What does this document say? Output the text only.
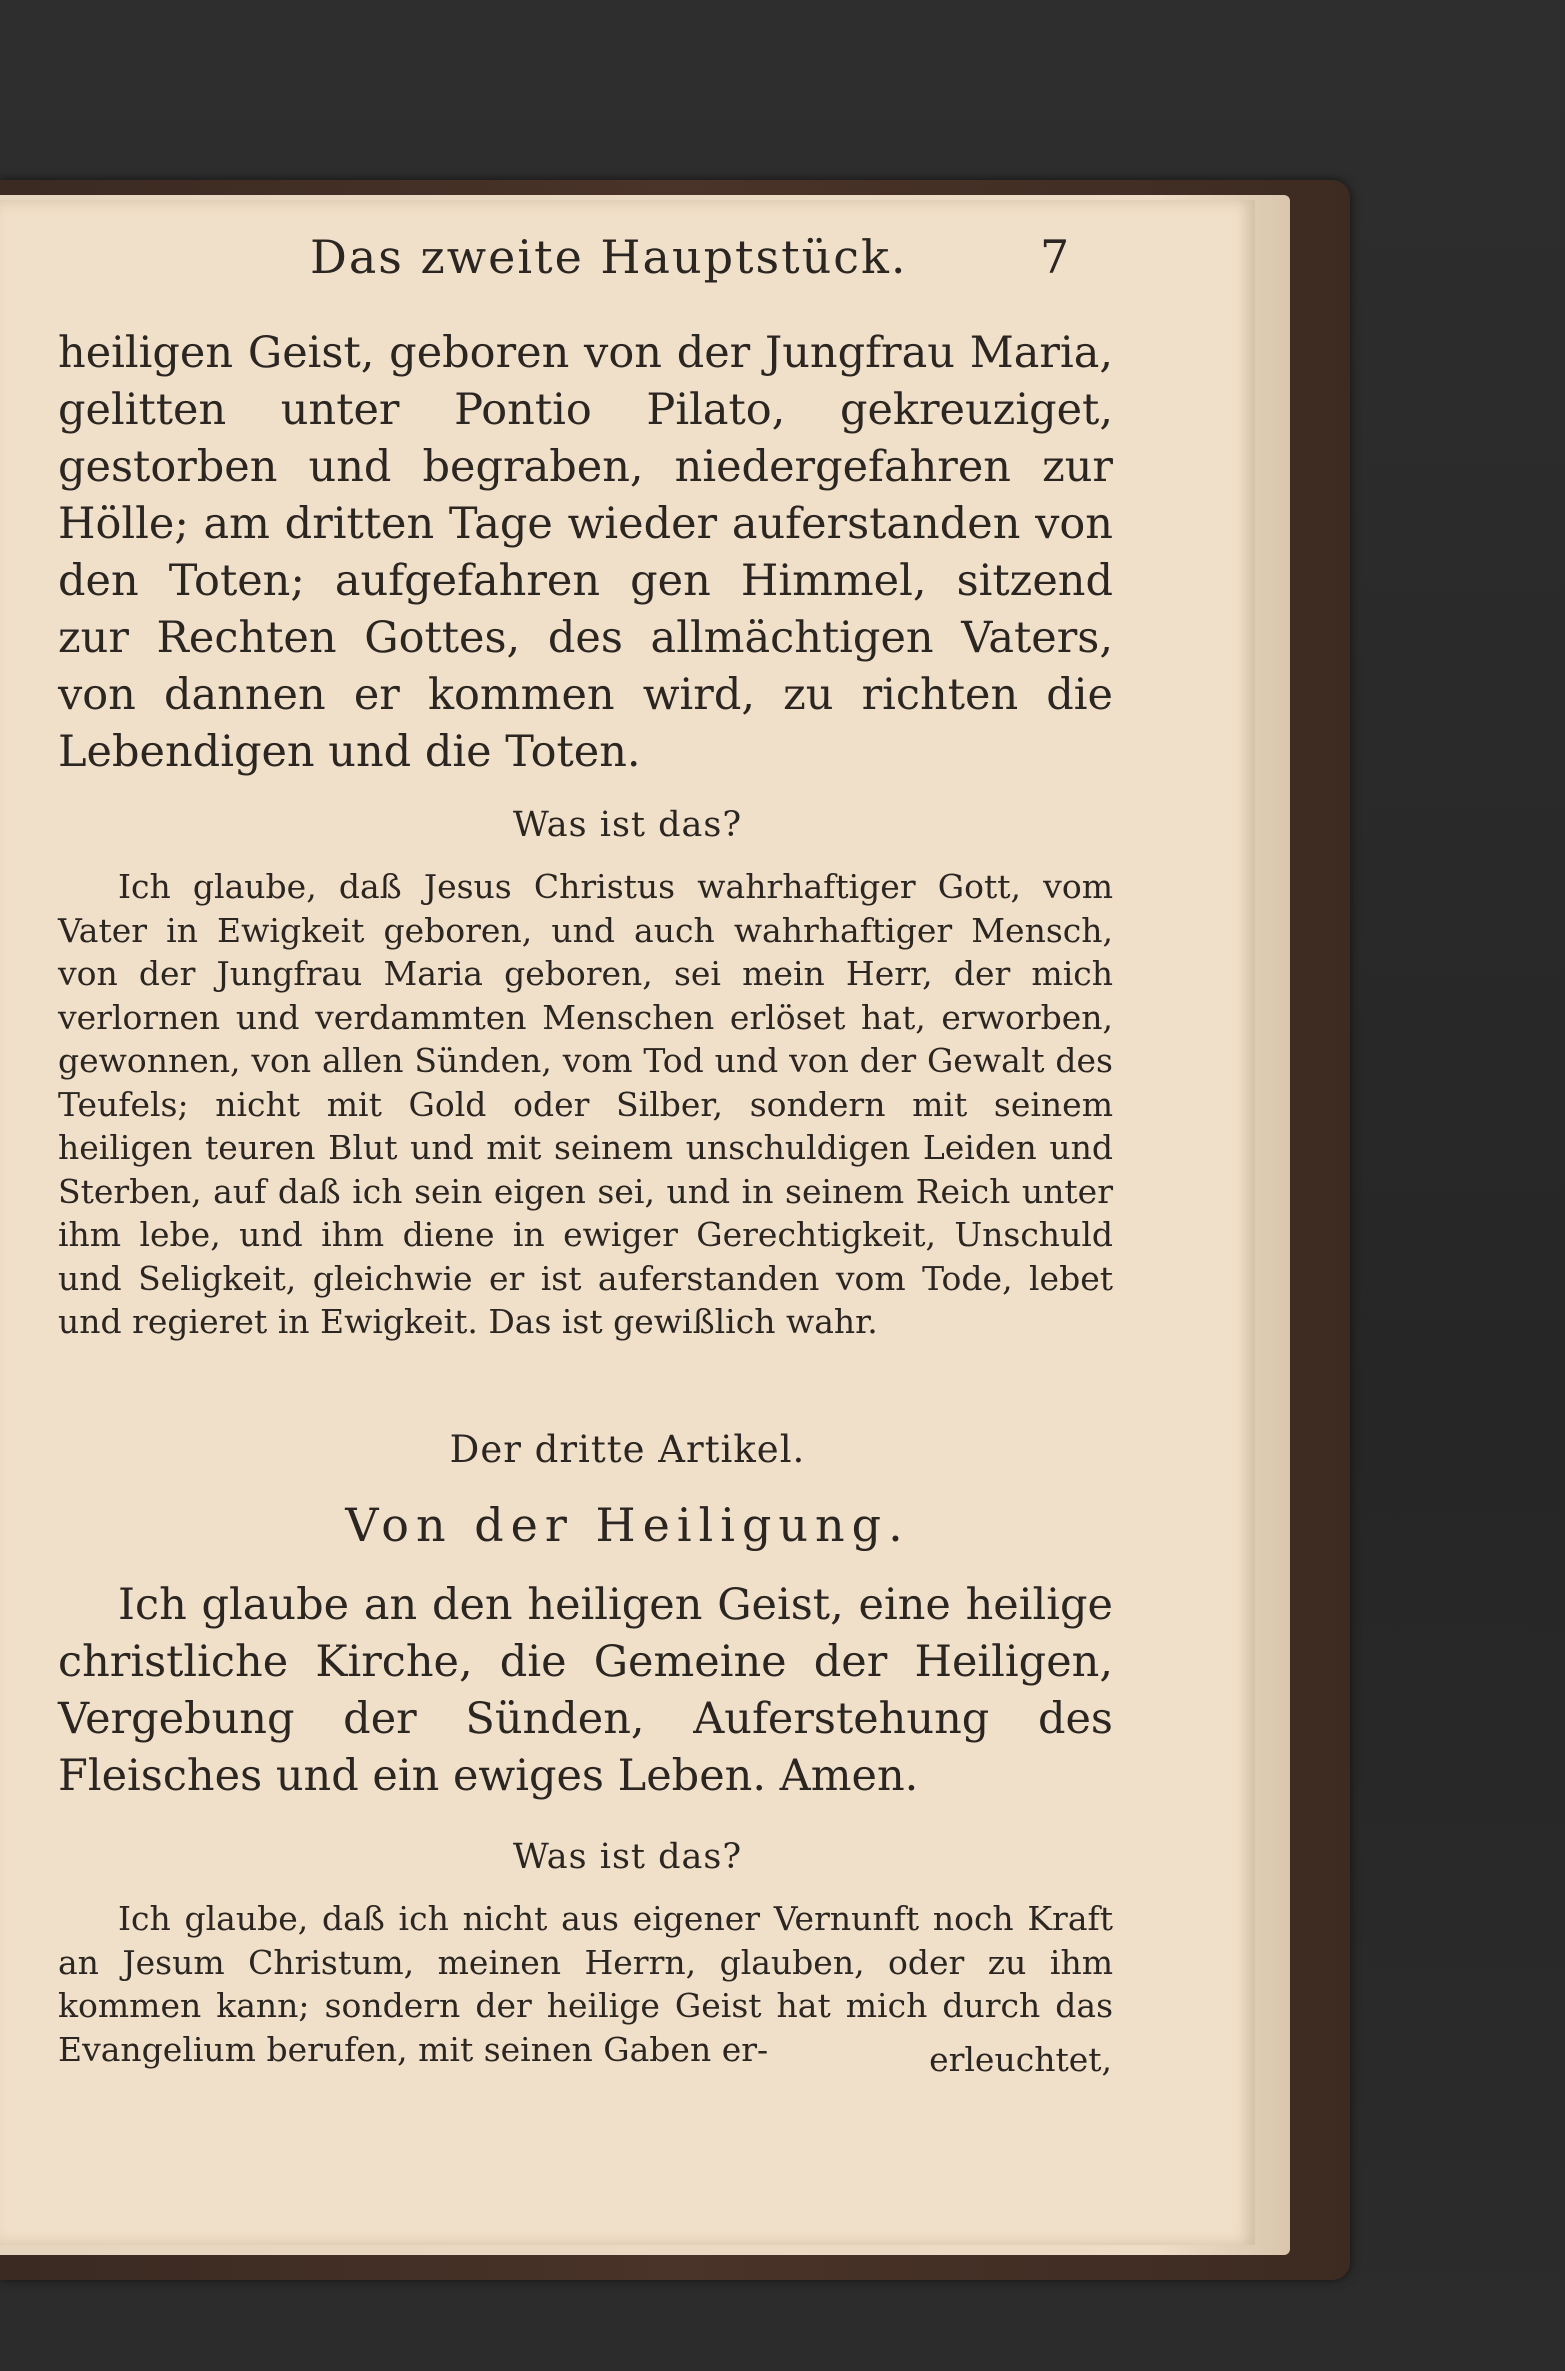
Das zweite Hauptstück.	7

heiligen Geist, geboren von der Jungfrau Maria, gelitten unter Pontio Pilato, gekreuziget, gestorben und begraben, niedergefahren zur Hölle; am dritten Tage wieder auferstanden von den Toten; aufgefahren gen Himmel, sitzend zur Rechten Gottes, des allmächtigen Vaters, von dannen er kommen wird, zu richten die Lebendigen und die Toten.

Was ist das?

Ich glaube, daß Jesus Christus wahrhaftiger Gott, vom Vater in Ewigkeit geboren, und auch wahrhaftiger Mensch, von der Jungfrau Maria geboren, sei mein Herr, der mich verlornen und verdammten Menschen erlöset hat, erworben, gewonnen, von allen Sünden, vom Tod und von der Gewalt des Teufels; nicht mit Gold oder Silber, sondern mit seinem heiligen teuren Blut und mit seinem unschuldigen Leiden und Sterben, auf daß ich sein eigen sei, und in seinem Reich unter ihm lebe, und ihm diene in ewiger Gerechtigkeit, Unschuld und Seligkeit, gleichwie er ist auferstanden vom Tode, lebet und regieret in Ewigkeit. Das ist gewißlich wahr.

Der dritte Artikel.

Von der Heiligung.

Ich glaube an den heiligen Geist, eine heilige christliche Kirche, die Gemeine der Heiligen, Vergebung der Sünden, Auferstehung des Fleisches und ein ewiges Leben. Amen.

Was ist das?

Ich glaube, daß ich nicht aus eigener Vernunft noch Kraft an Jesum Christum, meinen Herrn, glauben, oder zu ihm kommen kann; sondern der heilige Geist hat mich durch das Evangelium berufen, mit seinen Gaben er-	erleuchtet,
